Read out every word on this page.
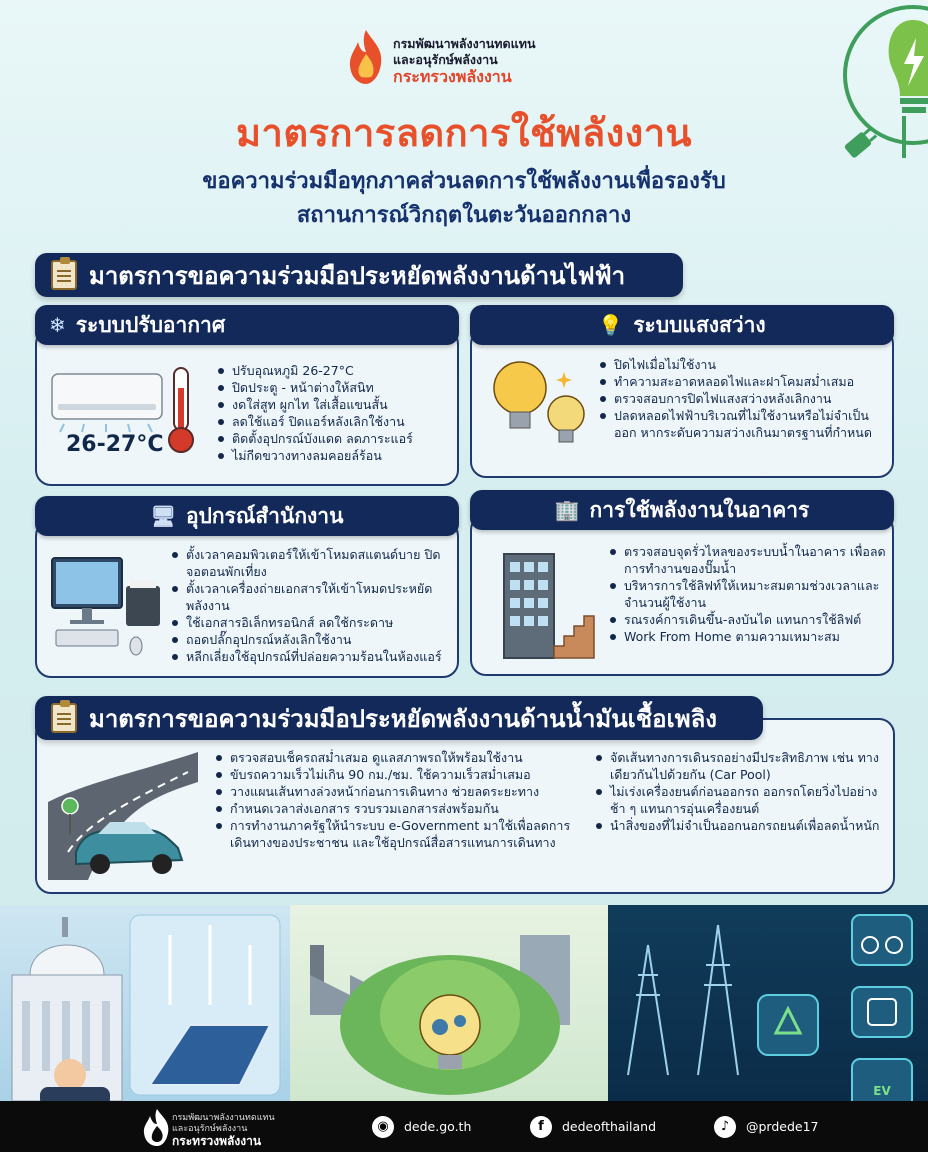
กรมพัฒนาพลังงานทดแทน
และอนุรักษ์พลังงาน
กระทรวงพลังงาน
มาตรการลดการใช้พลังงาน
ขอความร่วมมือทุกภาคส่วนลดการใช้พลังงานเพื่อรองรับ
สถานการณ์วิกฤตในตะวันออกกลาง
มาตรการขอความร่วมมือประหยัดพลังงานด้านไฟฟ้า
❄ ระบบปรับอากาศ
26-27°C
ปรับอุณหภูมิ 26-27°C
ปิดประตู - หน้าต่างให้สนิท
งดใส่สูท ผูกไท ใส่เสื้อแขนสั้น
ลดใช้แอร์ ปิดแอร์หลังเลิกใช้งาน
ติดตั้งอุปกรณ์บังแดด ลดภาระแอร์
ไม่กีดขวางทางลมคอยล์ร้อน
💡 ระบบแสงสว่าง
ปิดไฟเมื่อไม่ใช้งาน
ทำความสะอาดหลอดไฟและฝาโคมสม่ำเสมอ
ตรวจสอบการปิดไฟแสงสว่างหลังเลิกงาน
ปลดหลอดไฟฟ้าบริเวณที่ไม่ใช้งานหรือไม่จำเป็น ออก หากระดับความสว่างเกินมาตรฐานที่กำหนด
🖥 อุปกรณ์สำนักงาน
ตั้งเวลาคอมพิวเตอร์ให้เข้าโหมดสแตนด์บาย ปิดจอตอนพักเที่ยง
ตั้งเวลาเครื่องถ่ายเอกสารให้เข้าโหมดประหยัดพลังงาน
ใช้เอกสารอิเล็กทรอนิกส์ ลดใช้กระดาษ
ถอดปลั๊กอุปกรณ์หลังเลิกใช้งาน
หลีกเลี่ยงใช้อุปกรณ์ที่ปล่อยความร้อนในห้องแอร์
🏢 การใช้พลังงานในอาคาร
ตรวจสอบจุดรั่วไหลของระบบน้ำในอาคาร เพื่อลดการทำงานของปั๊มน้ำ
บริหารการใช้ลิฟท์ให้เหมาะสมตามช่วงเวลาและจำนวนผู้ใช้งาน
รณรงค์การเดินขึ้น-ลงบันได แทนการใช้ลิฟต์
Work From Home ตามความเหมาะสม
มาตรการขอความร่วมมือประหยัดพลังงานด้านน้ำมันเชื้อเพลิง
ตรวจสอบเช็ครถสม่ำเสมอ ดูแลสภาพรถให้พร้อมใช้งาน
ขับรถความเร็วไม่เกิน 90 กม./ชม. ใช้ความเร็วสม่ำเสมอ
วางแผนเส้นทางล่วงหน้าก่อนการเดินทาง ช่วยลดระยะทาง
กำหนดเวลาส่งเอกสาร รวบรวมเอกสารส่งพร้อมกัน
การทำงานภาครัฐให้นำระบบ e-Government มาใช้เพื่อลดการเดินทางของประชาชน และใช้อุปกรณ์สื่อสารแทนการเดินทาง
จัดเส้นทางการเดินรถอย่างมีประสิทธิภาพ เช่น ทางเดียวกันไปด้วยกัน (Car Pool)
ไม่เร่งเครื่องยนต์ก่อนออกรถ ออกรถโดยวิ่งไปอย่างช้า ๆ แทนการอุ่นเครื่องยนต์
นำสิ่งของที่ไม่จำเป็นออกนอกรถยนต์เพื่อลดน้ำหนัก
EV
กรมพัฒนาพลังงานทดแทน
และอนุรักษ์พลังงาน
กระทรวงพลังงาน
◉	dede.go.th	f	dedeofthailand	♪	@prdede17
